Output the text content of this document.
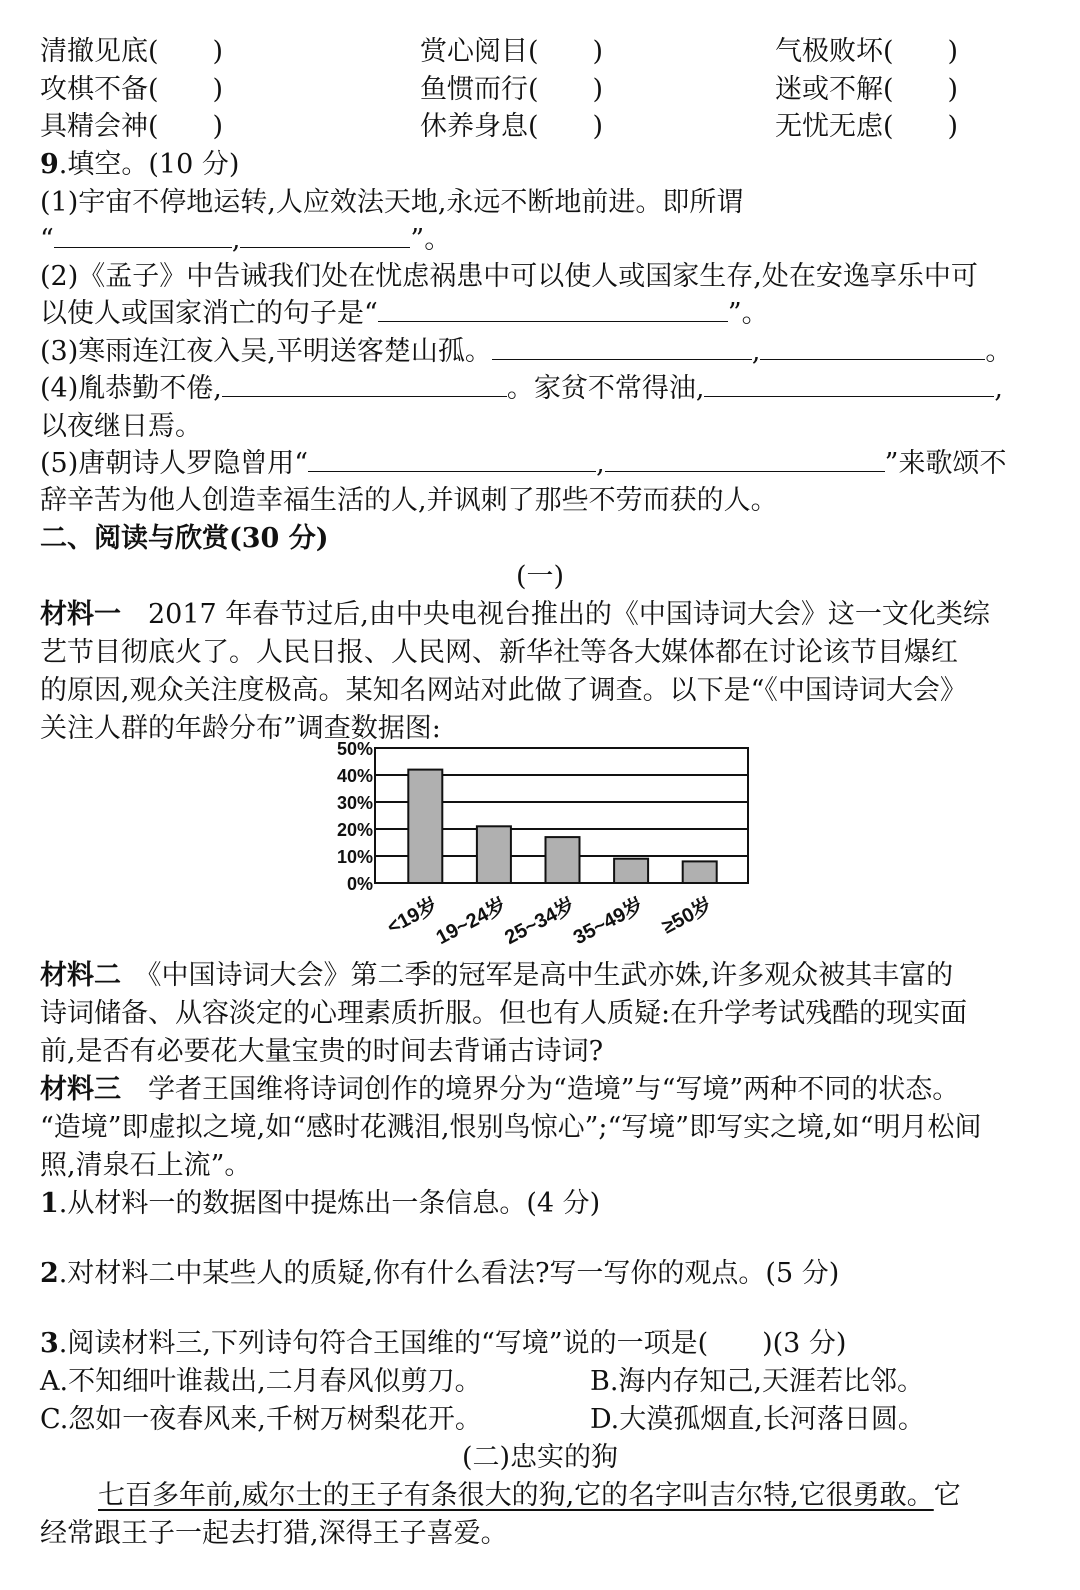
清撤见底(　　)	赏心阅目(　　)	气极败坏(　　)
攻棋不备(　　)	鱼惯而行(　　)	迷或不解(　　)
具精会神(　　)	休养身息(　　)	无忧无虑(　　)
9.填空。(10 分)
(1)宇宙不停地运转,人应效法天地,永远不断地前进。即所谓
“	,	”。
(2)《孟子》中告诫我们处在忧虑祸患中可以使人或国家生存,处在安逸享乐中可
以使人或国家消亡的句子是“	”。
(3)寒雨连江夜入吴,平明送客楚山孤。	,	。
(4)胤恭勤不倦,	。家贫不常得油,	,
以夜继日焉。
(5)唐朝诗人罗隐曾用“	,	”来歌颂不
辞辛苦为他人创造幸福生活的人,并讽刺了那些不劳而获的人。
二、阅读与欣赏(30 分)
(一)
材料一　2017 年春节过后,由中央电视台推出的《中国诗词大会》这一文化类综
艺节目彻底火了。人民日报、人民网、新华社等各大媒体都在讨论该节目爆红
的原因,观众关注度极高。某知名网站对此做了调查。以下是“《中国诗词大会》
关注人群的年龄分布”调查数据图:
0%
10%
20%
30%
40%
50%
<19岁
19~24岁
25~34岁
35~49岁 ≥50岁
材料二　《中国诗词大会》第二季的冠军是高中生武亦姝,许多观众被其丰富的
诗词储备、从容淡定的心理素质折服。但也有人质疑:在升学考试残酷的现实面
前,是否有必要花大量宝贵的时间去背诵古诗词?
材料三　学者王国维将诗词创作的境界分为“造境”与“写境”两种不同的状态。
“造境”即虚拟之境,如“感时花溅泪,恨别鸟惊心”;“写境”即写实之境,如“明月松间
照,清泉石上流”。
1.从材料一的数据图中提炼出一条信息。(4 分)
2.对材料二中某些人的质疑,你有什么看法?写一写你的观点。(5 分)
3.阅读材料三,下列诗句符合王国维的“写境”说的一项是(　　)(3 分)
A.不知细叶谁裁出,二月春风似剪刀。	B.海内存知己,天涯若比邻。
C.忽如一夜春风来,千树万树梨花开。	D.大漠孤烟直,长河落日圆。
(二)忠实的狗
七百多年前,威尔士的王子有条很大的狗,它的名字叫吉尔特,它很勇敢。它
经常跟王子一起去打猎,深得王子喜爱。
